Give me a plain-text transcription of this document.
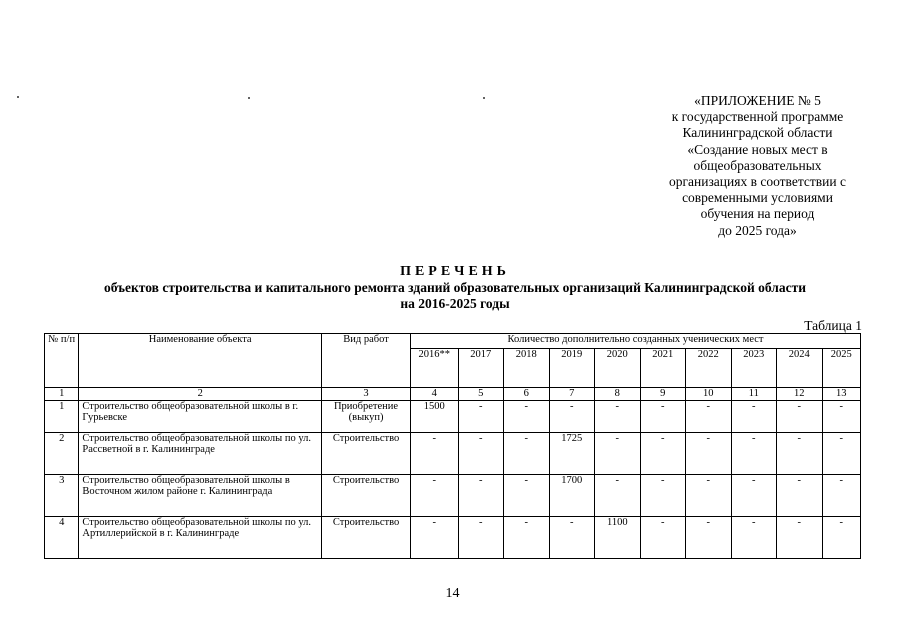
«ПРИЛОЖЕНИЕ № 5
к государственной программе
Калининградской области
«Создание новых мест в
общеобразовательных
организациях в соответствии с
современными условиями
обучения на период
до 2025 года»
ПЕРЕЧЕНЬ
объектов строительства и капитального ремонта зданий образовательных организаций Калининградской области
на 2016-2025 годы
Таблица 1
№ п/п	Наименование объекта	Вид работ	Количество дополнительно созданных ученических мест									
			2016**	2017	2018	2019	2020	2021	2022	2023	2024	2025
1	2	3	4	5	6	7	8	9	10	11	12	13
1	Строительство общеобразовательной школы в г. Гурьевске	Приобретение (выкуп)	1500	-	-	-	-	-	-	-	-	-
2	Строительство общеобразовательной школы по ул. Рассветной в г. Калининграде	Строительство	-	-	-	1725	-	-	-	-	-	-
3	Строительство общеобразовательной школы в Восточном жилом районе г. Калининграда	Строительство	-	-	-	1700	-	-	-	-	-	-
4	Строительство общеобразовательной школы по ул. Артиллерийской в г. Калининграде	Строительство	-	-	-	-	1100	-	-	-	-	-
14
